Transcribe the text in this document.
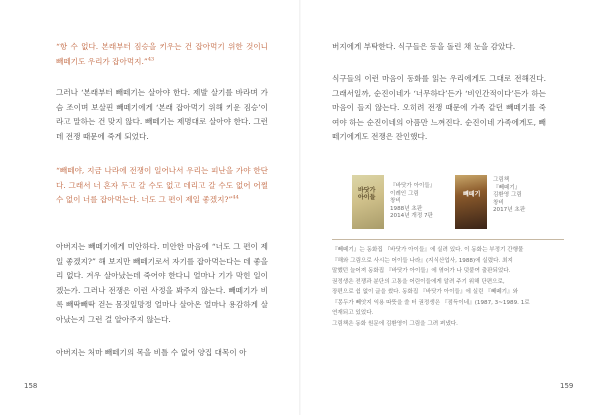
“항 수 없다. 본래부터 짐승을 키우는 건 잡아먹기 위한 것이니 빼떼기도 우리가 잡아먹지.”$^{43}$

그러나 ‘본래부터 빼떼기는 살아야 한다. 제발 살기를 바라며 가슴 조이며 보살핀 빼떼기에게 ‘본래 잡아먹기 위해 키운 짐승’이라고 말하는 건 맞지 않다. 빼떼기는 제명대로 살아야 한다. 그런데 전쟁 때문에 죽게 되었다.

“빼떼야, 지금 나라에 전쟁이 일어나서 우리는 피난을 가야 한단다. 그래서 너 혼자 두고 갈 수도 없고 데리고 갈 수도 없어 어쩔 수 없이 너를 잡아먹는다. 너도 그 편이 제일 좋겠지?”$^{44}$

아버지는 빼떼기에게 미안하다. 미안한 마음에 “너도 그 편이 제일 좋겠지?” 해 보지만 빼떼기로서 자기를 잡아먹는다는 데 좋을 리 없다. 겨우 살아났는데 죽어야 한다니 얼마나 기가 막힌 일이겠는가. 그러나 전쟁은 이런 사정을 봐주지 않는다. 빼떼기가 비록 빼딱빼딱 걷는 몸짓일망정 얼마나 살아온 얼마나 용감하게 살아났는지 그런 걸 알아주지 않는다.

아버지는 처마 빼떼기의 목을 비틀 수 없어 양집 대목이 아

158

버지에게 부탁한다. 식구들은 등을 돌린 채 눈을 감았다.

식구들의 이런 마음이 동화를 읽는 우리에게도 그대로 전해진다. 그래서일까, 순진이네가 ‘너무하다’든가 ‘비인간적이다’든가 하는 마음이 들지 않는다. 오히려 전쟁 때문에 가족 같던 빼떼기를 죽여야 하는 순진이네의 아픔만 느껴진다. 순진이네 가족에게도, 빼떼기에게도 전쟁은 잔인했다.

159
바닷가 아이들
『바닷가 아이들』
이례인 그림
창비
1988년 초판
2014년 개정 7판
빼떼기
그림책
『빼떼기』
김환영 그림
창비
2017년 초판
『빼떼기』는 동화집 『바닷가 아이들』에 실려 있다. 이 동화는 부정기 간행물
『해와 그림으로 사시는 어이들 나라』(지식산업사, 1988)에 실렸다. 최지
말했던 늘어져 동화집 『바닷가 아이들』에 엮어가 나 덧붙여 출판되었다.
권정생은 전쟁과 분단의 고통을 어린이들에게 알려 주기 위해 단편으로,
장편으로 쉼 없이 글을 썼다. 동화집 『바닷가 아이들』에 실린 『빼떼기』와
『몽두가 빼앗지 익용 따뜻을 쓸 터 권정생은 『점득이네』(1987, 3~1989. 1로
연재되고 있었다.
그림책은 동화 원문에 김환영이 그림을 그려 펴냈다.
